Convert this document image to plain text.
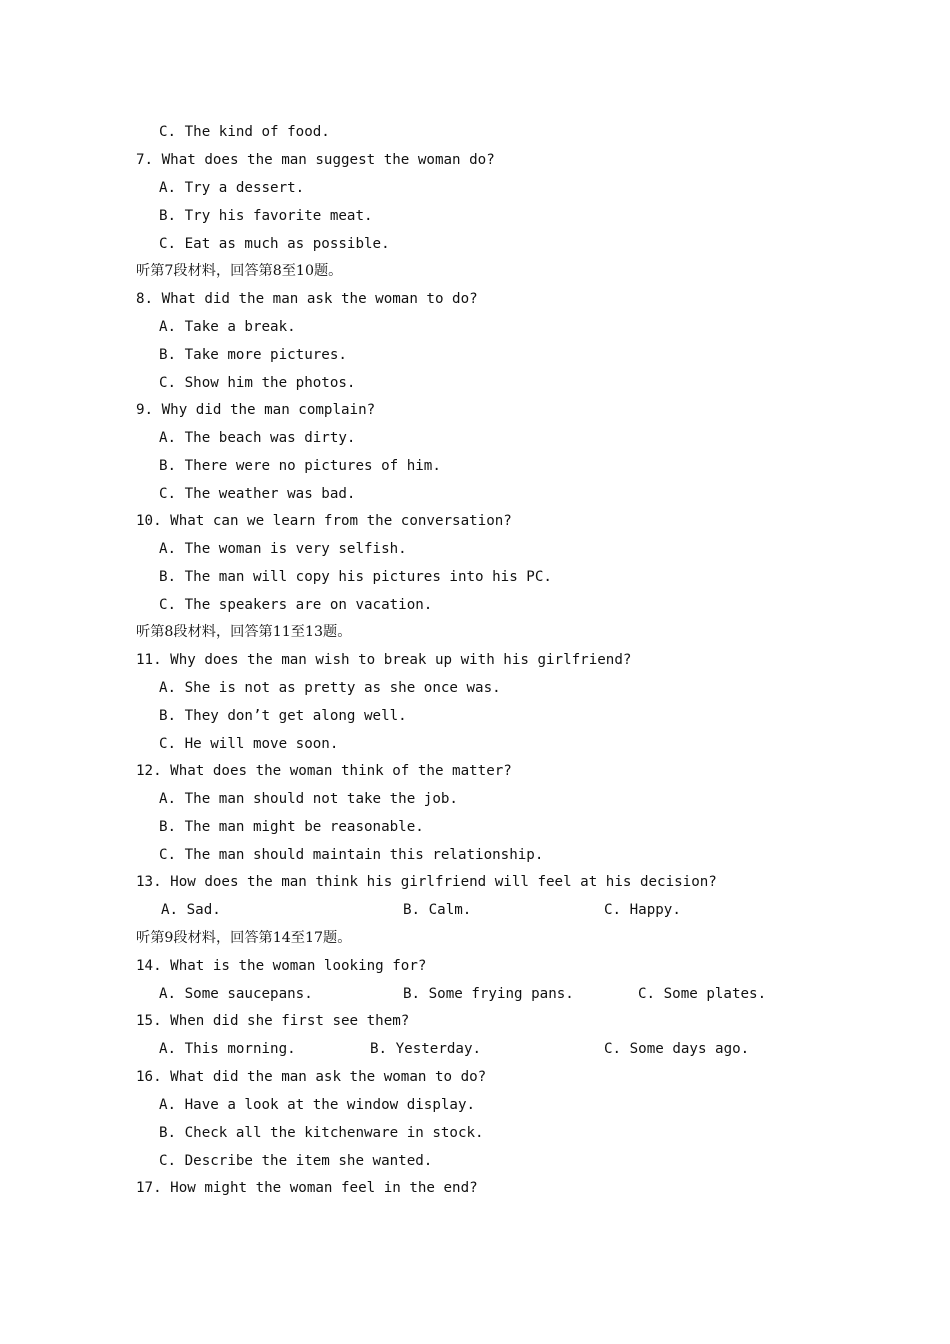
C. The kind of food.
7. What does the man suggest the woman do?
A. Try a dessert.
B. Try his favorite meat.
C. Eat as much as possible.
听第7段材料，回答第8至10题。
8. What did the man ask the woman to do?
A. Take a break.
B. Take more pictures.
C. Show him the photos.
9. Why did the man complain?
A. The beach was dirty.
B. There were no pictures of him.
C. The weather was bad.
10. What can we learn from the conversation?
A. The woman is very selfish.
B. The man will copy his pictures into his PC.
C. The speakers are on vacation.
听第8段材料，回答第11至13题。
11. Why does the man wish to break up with his girlfriend?
A. She is not as pretty as she once was.
B. They don’t get along well.
C. He will move soon.
12. What does the woman think of the matter?
A. The man should not take the job.
B. The man might be reasonable.
C. The man should maintain this relationship.
13. How does the man think his girlfriend will feel at his decision?
A. Sad.	B. Calm.	C. Happy.
听第9段材料，回答第14至17题。
14. What is the woman looking for?
A. Some saucepans.	B. Some frying pans.	C. Some plates.
15. When did she first see them?
A. This morning.	B. Yesterday.	C. Some days ago.
16. What did the man ask the woman to do?
A. Have a look at the window display.
B. Check all the kitchenware in stock.
C. Describe the item she wanted.
17. How might the woman feel in the end?
